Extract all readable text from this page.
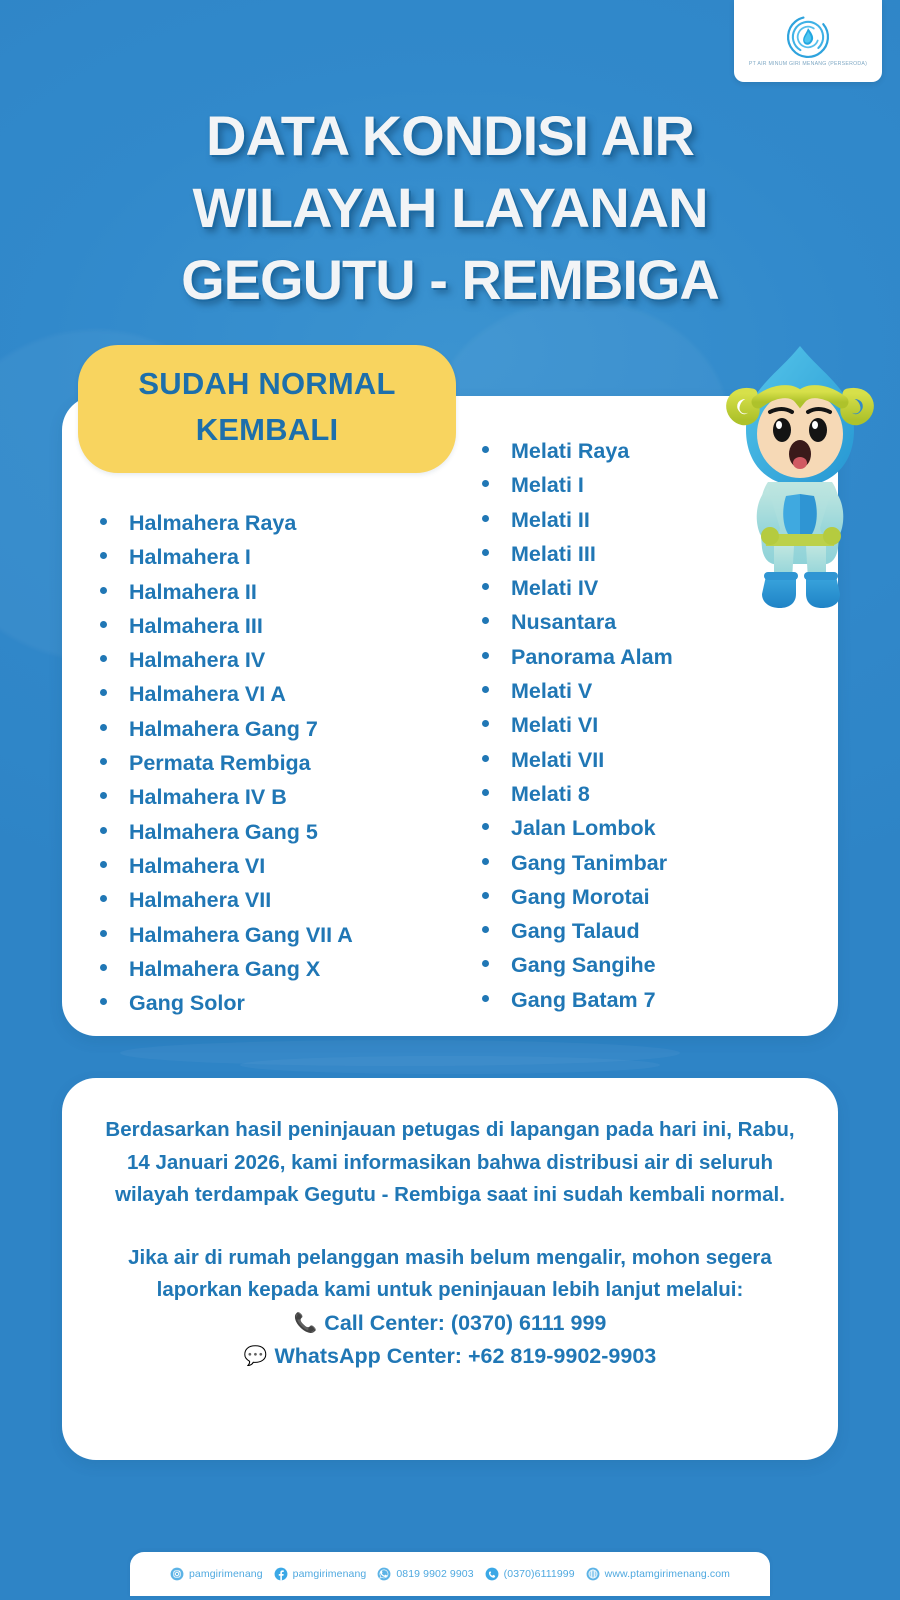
PT AIR MINUM GIRI MENANG (PERSERODA)
DATA KONDISI AIR
WILAYAH LAYANAN
GEGUTU - REMBIGA
SUDAH NORMAL
KEMBALI
Halmahera Raya
Halmahera I
Halmahera II
Halmahera III
Halmahera IV
Halmahera VI A
Halmahera Gang 7
Permata Rembiga
Halmahera IV B
Halmahera Gang 5
Halmahera VI
Halmahera VII
Halmahera Gang VII A
Halmahera Gang X
Gang Solor
Melati Raya
Melati I
Melati II
Melati III
Melati IV
Nusantara
Panorama Alam
Melati V
Melati VI
Melati VII
Melati 8
Jalan Lombok
Gang Tanimbar
Gang Morotai
Gang Talaud
Gang Sangihe
Gang Batam 7
Berdasarkan hasil peninjauan petugas di lapangan pada hari ini, Rabu, 14 Januari 2026, kami informasikan bahwa distribusi air di seluruh wilayah terdampak Gegutu - Rembiga saat ini sudah kembali normal.
Jika air di rumah pelanggan masih belum mengalir, mohon segera laporkan kepada kami untuk peninjauan lebih lanjut melalui:
📞 Call Center: (0370) 6111 999
💬 WhatsApp Center: +62 819-9902-9903
pamgirimenang	pamgirimenang	0819 9902 9903	(0370)6111999	www.ptamgirimenang.com
